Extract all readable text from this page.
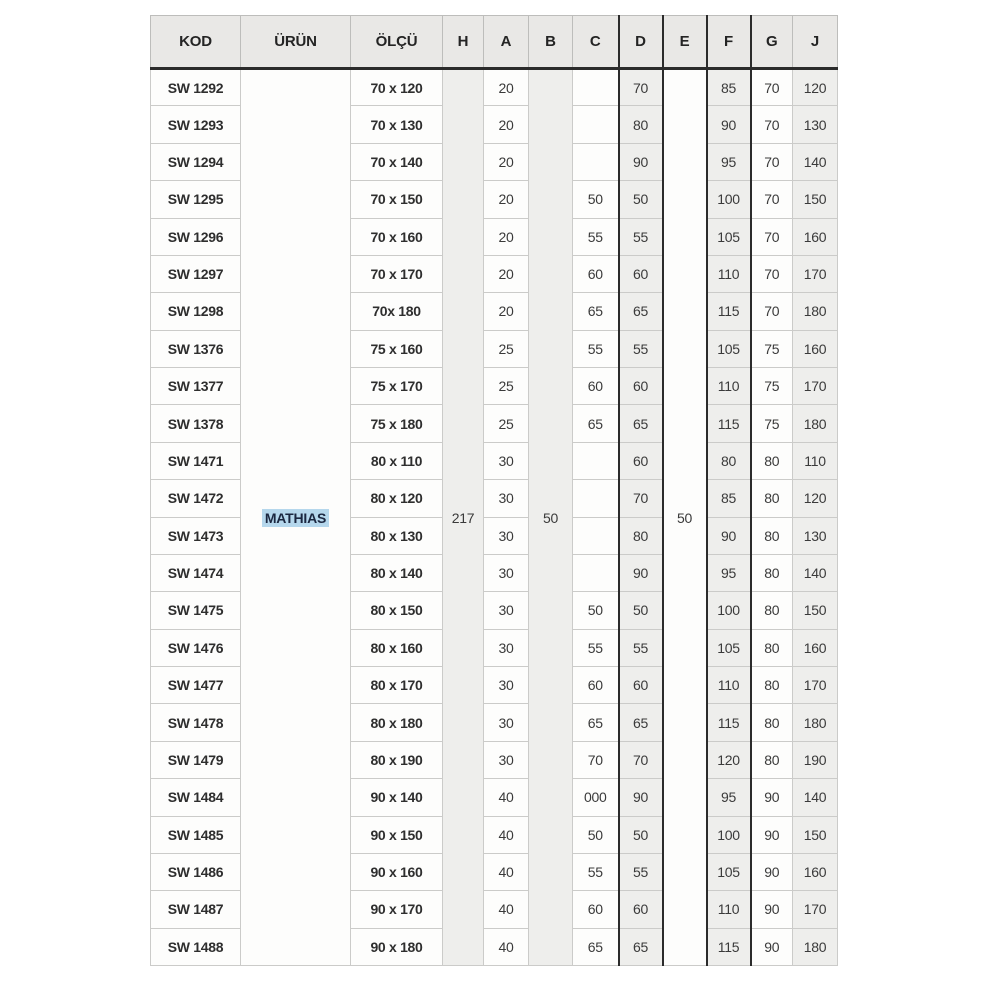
KOD	ÜRÜN	ÖLÇÜ	H	A	B	C	D	E	F	G	J
SW 1292	MATHIAS	70 x 120	217	20	50		70	50	85	70	120
SW 1293		70 x 130		20			80		90	70	130
SW 1294		70 x 140		20			90		95	70	140
SW 1295		70 x 150		20		50	50		100	70	150
SW 1296		70 x 160		20		55	55		105	70	160
SW 1297		70 x 170		20		60	60		110	70	170
SW 1298		70x 180		20		65	65		115	70	180
SW 1376		75 x 160		25		55	55		105	75	160
SW 1377		75 x 170		25		60	60		110	75	170
SW 1378		75 x 180		25		65	65		115	75	180
SW 1471		80 x 110		30			60		80	80	110
SW 1472		80 x 120		30			70		85	80	120
SW 1473		80 x 130		30			80		90	80	130
SW 1474		80 x 140		30			90		95	80	140
SW 1475		80 x 150		30		50	50		100	80	150
SW 1476		80 x 160		30		55	55		105	80	160
SW 1477		80 x 170		30		60	60		110	80	170
SW 1478		80 x 180		30		65	65		115	80	180
SW 1479		80 x 190		30		70	70		120	80	190
SW 1484		90 x 140		40		000	90		95	90	140
SW 1485		90 x 150		40		50	50		100	90	150
SW 1486		90 x 160		40		55	55		105	90	160
SW 1487		90 x 170		40		60	60		110	90	170
SW 1488		90 x 180		40		65	65		115	90	180
